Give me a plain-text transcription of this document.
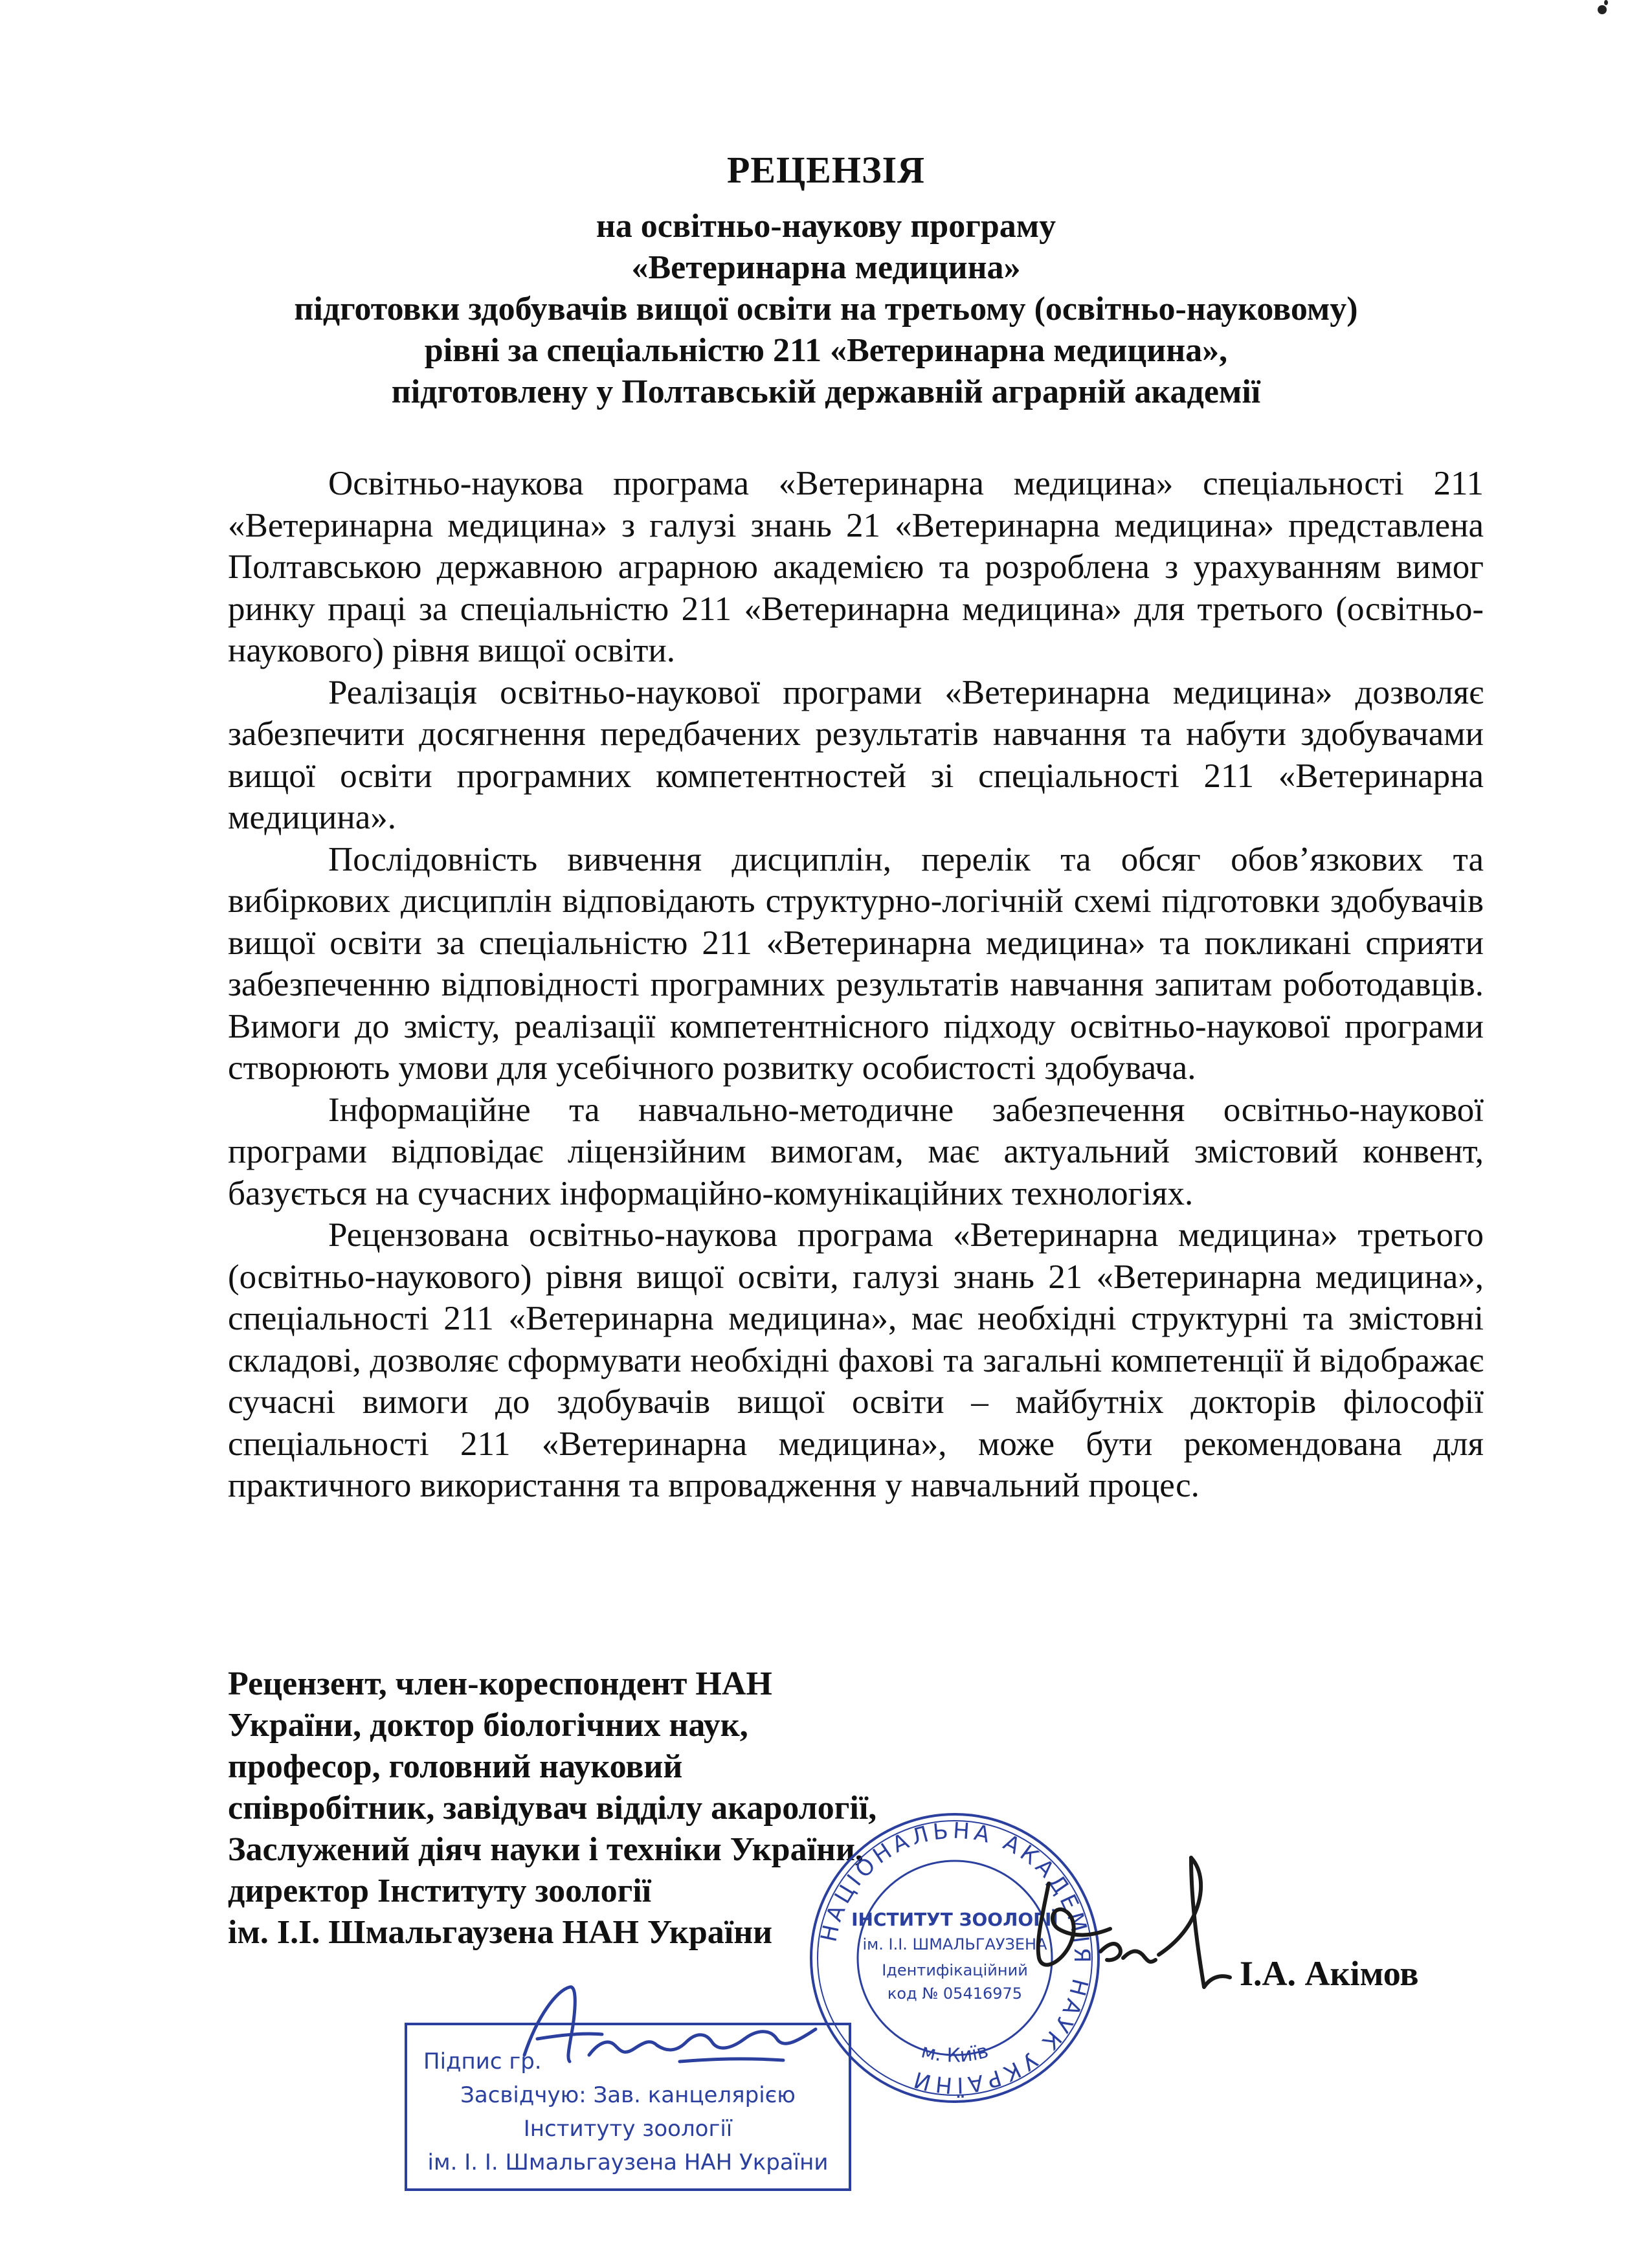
РЕЦЕНЗІЯ
на освітньо-наукову програму
«Ветеринарна медицина»
підготовки здобувачів вищої освіти на третьому (освітньо-науковому)
рівні за спеціальністю 211 «Ветеринарна медицина»,
підготовлену у Полтавській державній аграрній академії

Освітньо-наукова програма «Ветеринарна медицина» спеціальності 211 «Ветеринарна медицина» з галузі знань 21 «Ветеринарна медицина» представлена Полтавською державною аграрною академією та розроблена з урахуванням вимог ринку праці за спеціальністю 211 «Ветеринарна медицина» для третього (освітньо-наукового) рівня вищої освіти.

Реалізація освітньо-наукової програми «Ветеринарна медицина» дозволяє забезпечити досягнення передбачених результатів навчання та набути здобувачами вищої освіти програмних компетентностей зі спеціальності 211 «Ветеринарна медицина».

Послідовність вивчення дисциплін, перелік та обсяг обов’язкових та вибіркових дисциплін відповідають структурно-логічній схемі підготовки здобувачів вищої освіти за спеціальністю 211 «Ветеринарна медицина» та покликані сприяти забезпеченню відповідності програмних результатів навчання запитам роботодавців. Вимоги до змісту, реалізації компетентнісного підходу освітньо-наукової програми створюють умови для усебічного розвитку особистості здобувача.

Інформаційне та навчально-методичне забезпечення освітньо-наукової програми відповідає ліцензійним вимогам, має актуальний змістовий конвент, базується на сучасних інформаційно-комунікаційних технологіях.

Рецензована освітньо-наукова програма «Ветеринарна медицина» третього (освітньо-наукового) рівня вищої освіти, галузі знань 21 «Ветеринарна медицина», спеціальності 211 «Ветеринарна медицина», має необхідні структурні та змістовні складові, дозволяє сформувати необхідні фахові та загальні компетенції й відображає сучасні вимоги до здобувачів вищої освіти – майбутніх докторів філософії спеціальності 211 «Ветеринарна медицина», може бути рекомендована для практичного використання та впровадження у навчальний процес.

Рецензент, член-кореспондент НАН
України, доктор біологічних наук,
професор, головний науковий
співробітник, завідувач відділу акарології,
Заслужений діяч науки і техніки України,
директор Інституту зоології
ім. І.І. Шмальгаузена НАН України	НАЦІОНАЛЬНА АКАДЕМІЯ НАУК УКРАЇНИ
м. Київ
ІНСТИТУТ ЗООЛОГІЇ
ім. І.І. ШМАЛЬГАУЗЕНА
Ідентифікаційний
код № 05416975
І.А. Акімов
Підпис гр.
Засвідчую: Зав. канцелярією
Інституту зоології
ім. І. І. Шмальгаузена НАН України
